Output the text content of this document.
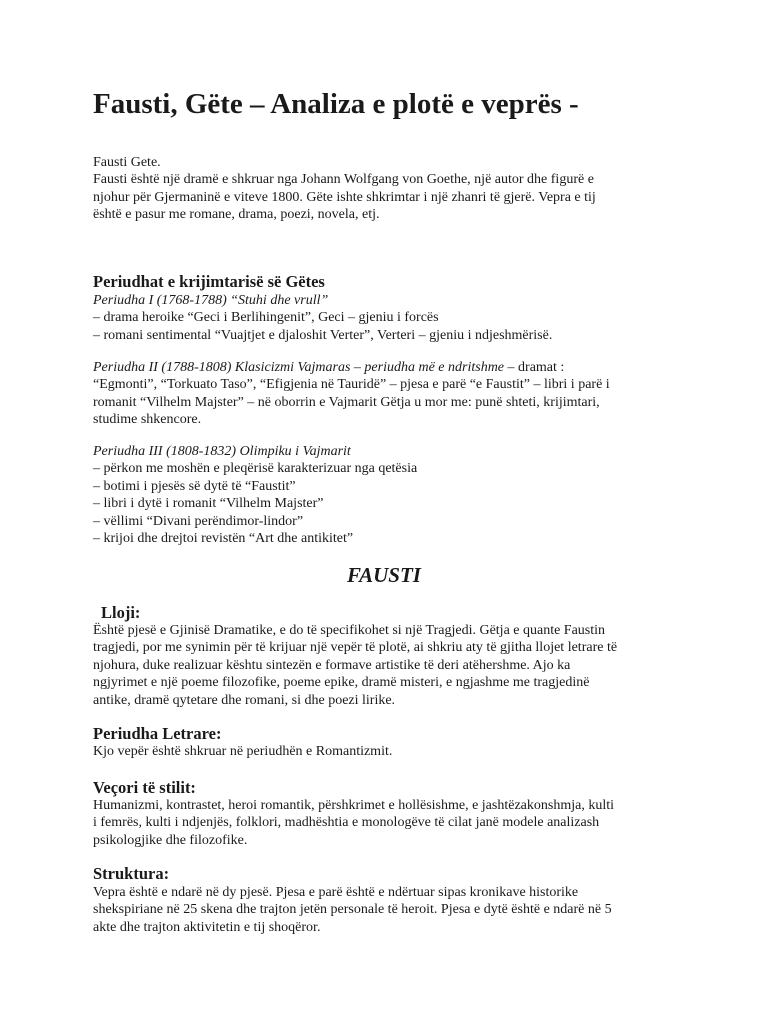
Fausti, Gëte – Analiza e plotë e veprës -
Fausti Gete.
Fausti është një dramë e shkruar nga Johann Wolfgang von Goethe, një autor dhe figurë e
njohur për Gjermaninë e viteve 1800. Gëte ishte shkrimtar i një zhanri të gjerë. Vepra e tij
është e pasur me romane, drama, poezi, novela, etj.
Periudhat e krijimtarisë së Gëtes
Periudha I (1768-1788) “Stuhi dhe vrull”
– drama heroike “Geci i Berlihingenit”, Geci – gjeniu i forcës
– romani sentimental “Vuajtjet e djaloshit Verter”, Verteri – gjeniu i ndjeshmërisë.
Periudha II (1788-1808) Klasicizmi Vajmaras – periudha më e ndritshme – dramat :
“Egmonti”, “Torkuato Taso”, “Efigjenia në Tauridë” – pjesa e parë “e Faustit” – libri i parë i
romanit “Vilhelm Majster” – në oborrin e Vajmarit Gëtja u mor me: punë shteti, krijimtari,
studime shkencore.
Periudha III (1808-1832) Olimpiku i Vajmarit
– përkon me moshën e pleqërisë karakterizuar nga qetësia
– botimi i pjesës së dytë të “Faustit”
– libri i dytë i romanit “Vilhelm Majster”
– vëllimi “Divani perëndimor-lindor”
– krijoi dhe drejtoi revistën “Art dhe antikitet”
FAUSTI
Lloji:
Është pjesë e Gjinisë Dramatike, e do të specifikohet si një Tragjedi. Gëtja e quante Faustin
tragjedi, por me synimin për të krijuar një vepër të plotë, ai shkriu aty të gjitha llojet letrare të
njohura, duke realizuar kështu sintezën e formave artistike të deri atëhershme. Ajo ka
ngjyrimet e një poeme filozofike, poeme epike, dramë misteri, e ngjashme me tragjedinë
antike, dramë qytetare dhe romani, si dhe poezi lirike.
Periudha Letrare:
Kjo vepër është shkruar në periudhën e Romantizmit.
Veçori të stilit:
Humanizmi, kontrastet, heroi romantik, përshkrimet e hollësishme, e jashtëzakonshmja, kulti
i femrës, kulti i ndjenjës, folklori, madhështia e monologëve të cilat janë modele analizash
psikologjike dhe filozofike.
Struktura:
Vepra është e ndarë në dy pjesë. Pjesa e parë është e ndërtuar sipas kronikave historike
shekspiriane në 25 skena dhe trajton jetën personale të heroit. Pjesa e dytë është e ndarë në 5
akte dhe trajton aktivitetin e tij shoqëror.
